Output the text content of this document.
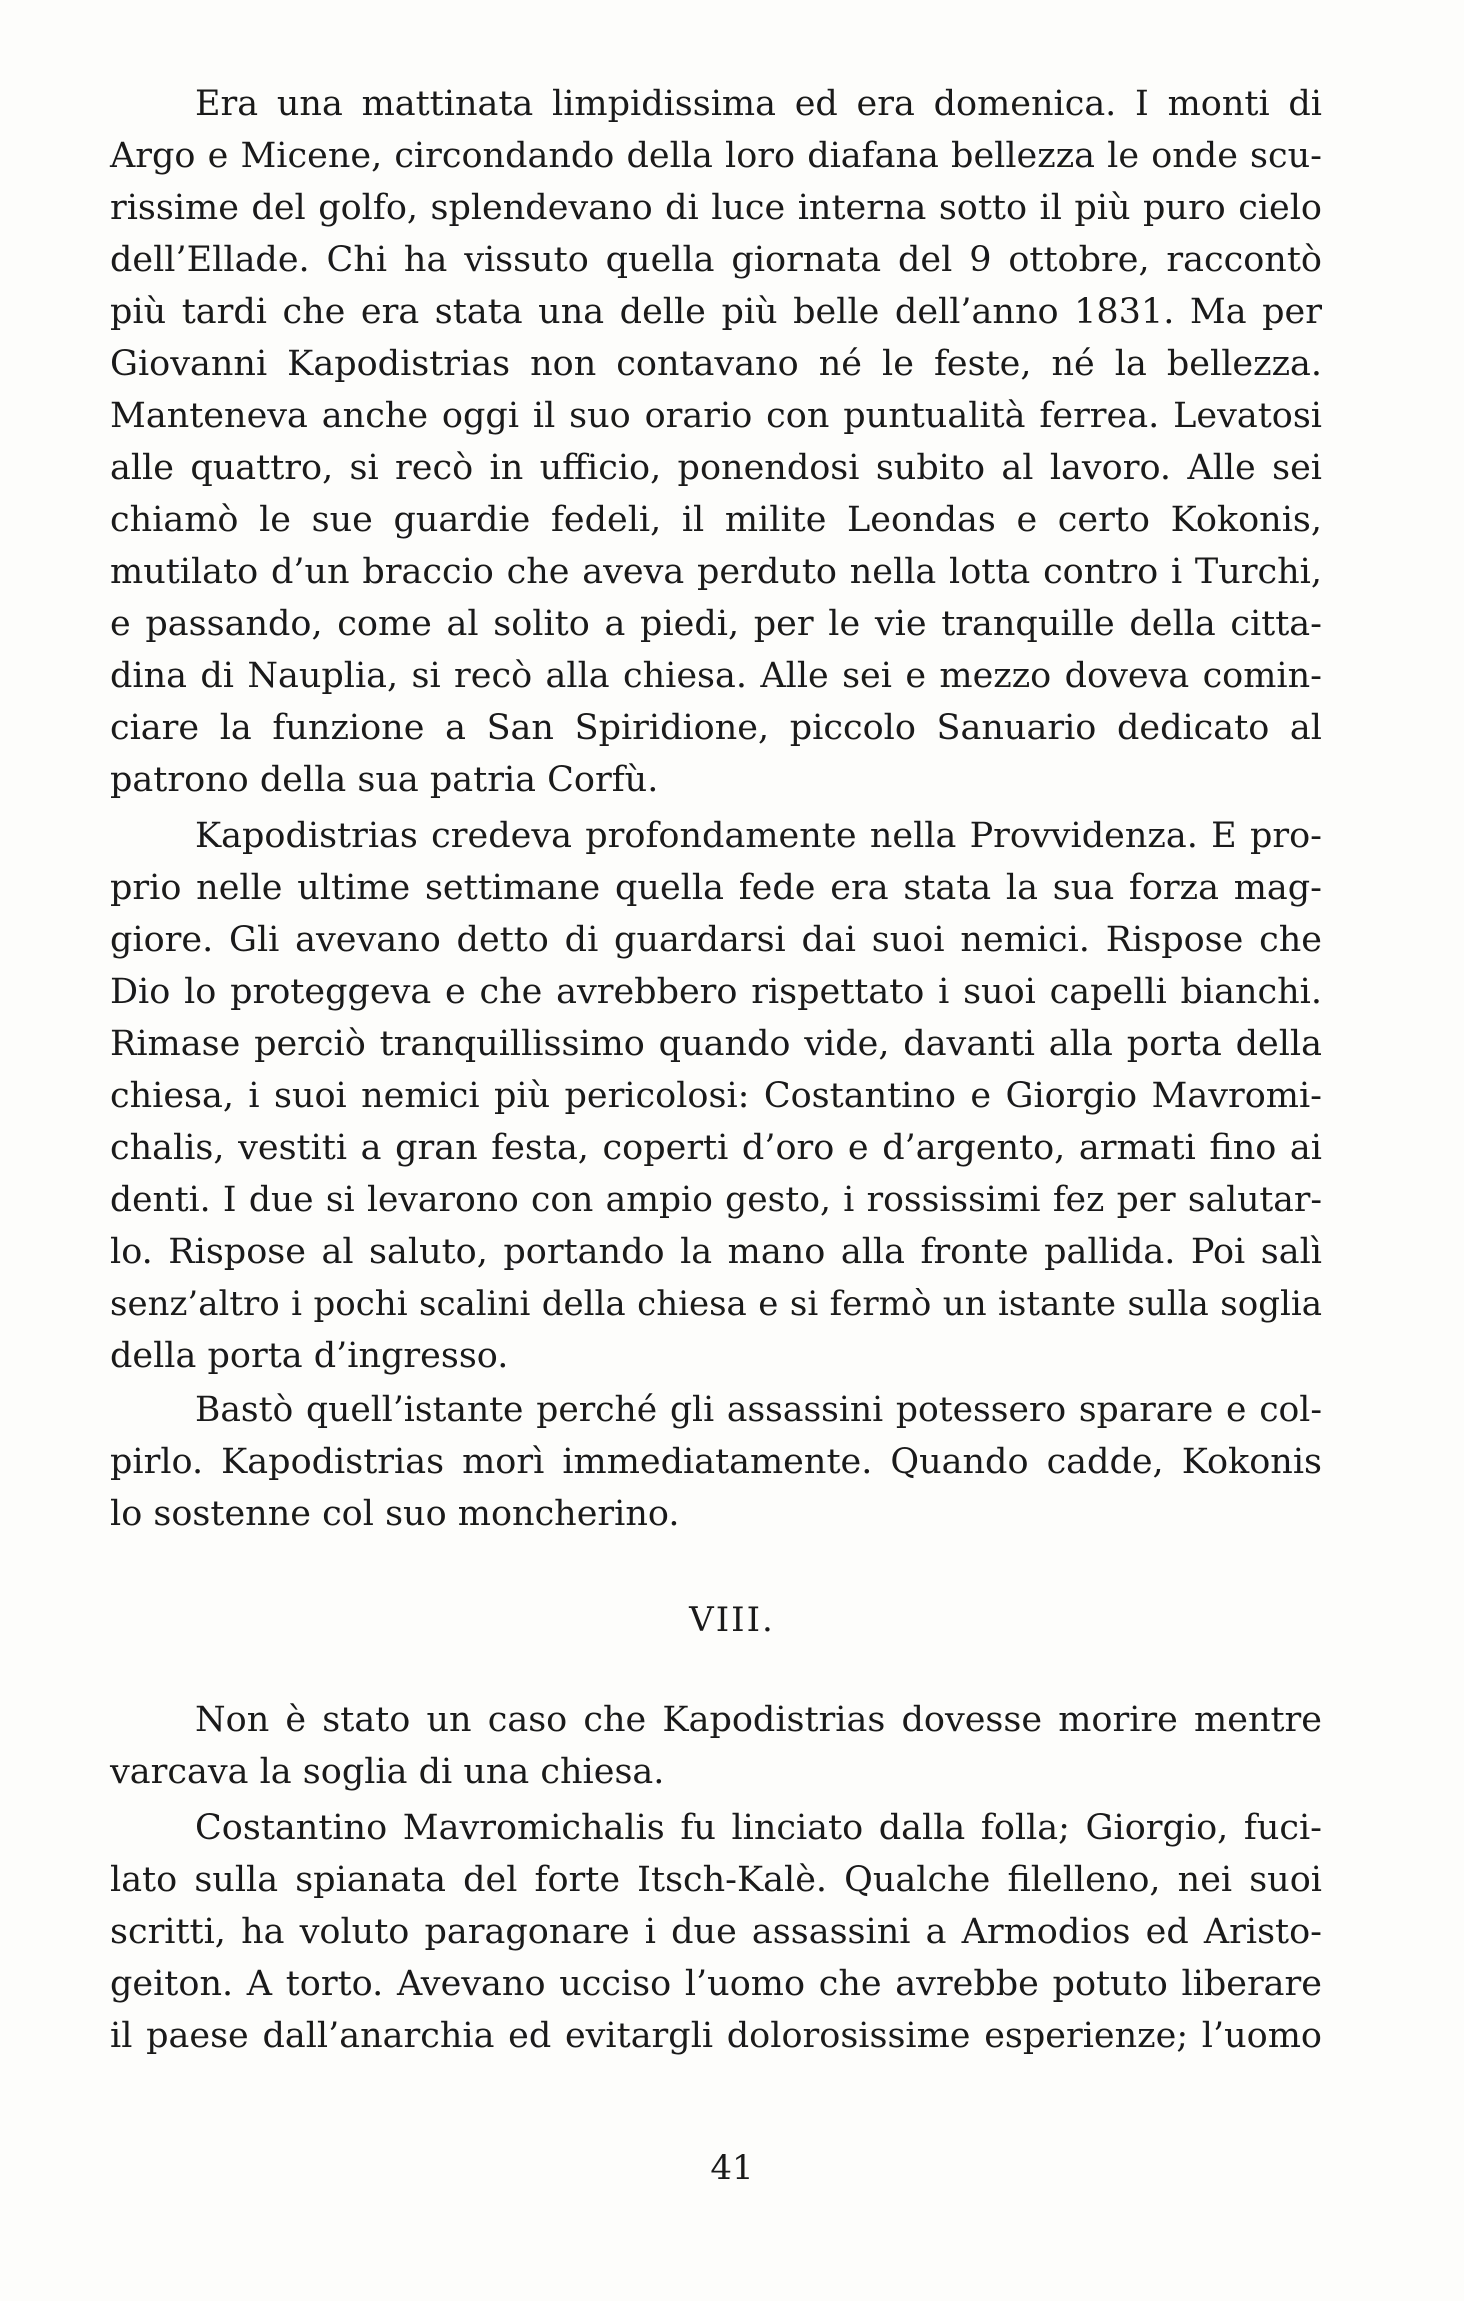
Era una mattinata limpidissima ed era domenica. I monti di
Argo e Micene, circondando della loro diafana bellezza le onde scu-
rissime del golfo, splendevano di luce interna sotto il più puro cielo
dell’Ellade. Chi ha vissuto quella giornata del 9 ottobre, raccontò
più tardi che era stata una delle più belle dell’anno 1831. Ma per
Giovanni Kapodistrias non contavano né le feste, né la bellezza.
Manteneva anche oggi il suo orario con puntualità ferrea. Levatosi
alle quattro, si recò in ufficio, ponendosi subito al lavoro. Alle sei
chiamò le sue guardie fedeli, il milite Leondas e certo Kokonis,
mutilato d’un braccio che aveva perduto nella lotta contro i Turchi,
e passando, come al solito a piedi, per le vie tranquille della citta-
dina di Nauplia, si recò alla chiesa. Alle sei e mezzo doveva comin-
ciare la funzione a San Spiridione, piccolo Sanuario dedicato al
patrono della sua patria Corfù.
Kapodistrias credeva profondamente nella Provvidenza. E pro-
prio nelle ultime settimane quella fede era stata la sua forza mag-
giore. Gli avevano detto di guardarsi dai suoi nemici. Rispose che
Dio lo proteggeva e che avrebbero rispettato i suoi capelli bianchi.
Rimase perciò tranquillissimo quando vide, davanti alla porta della
chiesa, i suoi nemici più pericolosi: Costantino e Giorgio Mavromi-
chalis, vestiti a gran festa, coperti d’oro e d’argento, armati fino ai
denti. I due si levarono con ampio gesto, i rossissimi fez per salutar-
lo. Rispose al saluto, portando la mano alla fronte pallida. Poi salì
senz’altro i pochi scalini della chiesa e si fermò un istante sulla soglia
della porta d’ingresso.
Bastò quell’istante perché gli assassini potessero sparare e col-
pirlo. Kapodistrias morì immediatamente. Quando cadde, Kokonis
lo sostenne col suo moncherino.
VIII.
Non è stato un caso che Kapodistrias dovesse morire mentre
varcava la soglia di una chiesa.
Costantino Mavromichalis fu linciato dalla folla; Giorgio, fuci-
lato sulla spianata del forte Itsch-Kalè. Qualche filelleno, nei suoi
scritti, ha voluto paragonare i due assassini a Armodios ed Aristo-
geiton. A torto. Avevano ucciso l’uomo che avrebbe potuto liberare
il paese dall’anarchia ed evitargli dolorosissime esperienze; l’uomo
41
